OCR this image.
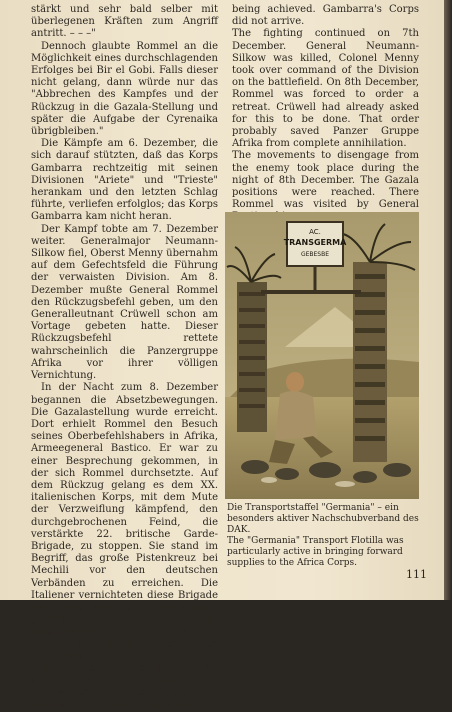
stärkt und sehr bald selber mit überlegenen Kräften zum Angriff antritt. – – –"

Dennoch glaubte Rommel an die Möglichkeit eines durchschlagenden Erfolges bei Bir el Gobi. Falls dieser nicht gelang, dann würde nur das "Abbrechen des Kampfes und der Rückzug in die Gazala-Stellung und später die Aufgabe der Cyrenaika übrigbleiben."

Die Kämpfe am 6. Dezember, die sich darauf stützten, daß das Korps Gambarra rechtzeitig mit seinen Divisionen "Ariete" und "Trieste" herankam und den letzten Schlag führte, verliefen erfolglos; das Korps Gambarra kam nicht heran.

Der Kampf tobte am 7. Dezember weiter. Generalmajor Neumann-Silkow fiel, Oberst Menny übernahm auf dem Gefechtsfeld die Führung der verwaisten Division. Am 8. Dezember mußte General Rommel den Rückzugsbefehl geben, um den Generalleutnant Crüwell schon am Vortage gebeten hatte. Dieser Rückzugsbefehl rettete wahrscheinlich die Panzergruppe Afrika vor ihrer völligen Vernichtung.

In der Nacht zum 8. Dezember begannen die Absetzbewegungen. Die Gazalastellung wurde erreicht. Dort erhielt Rommel den Besuch seines Oberbefehlshabers in Afrika, Armeegeneral Bastico. Er war zu einer Besprechung gekommen, in der sich Rommel durchsetzte. Auf dem Rückzug gelang es dem XX. italienischen Korps, mit dem Mute der Verzweiflung kämpfend, den durchgebrochenen Feind, die verstärkte 22. britische Garde-Brigade, zu stoppen. Sie stand im Begriff, das große Pistenkreuz bei Mechili vor den deutschen Verbänden zu erreichen. Die Italiener vernichteten diese Brigade fast völlig. 800 Gefangene wurden gemacht, unter ihnen auch der Brigadekommandeur. Zahlreiche Geschütze und 20 Panzer waren vernichtet.

Ein weiterer Vorstoß mit 150 teilweise völlig neuen Panzern und Spähwagen gegen den Rücken des DAK wurde ebenfalls abgewehrt.

being achieved. Gambarra's Corps did not arrive.

The fighting continued on 7th December. General Neumann-Silkow was killed, Colonel Menny took over command of the Division on the battlefield. On 8th December, Rommel was forced to order a retreat. Crüwell had already asked for this to be done. That order probably saved Panzer Gruppe Afrika from complete annihilation.

The movements to disengage from the enemy took place during the night of 8th December. The Gazala positions were reached. There Rommel was visited by General

AC.
TRANSGERMA
GEBESBE

Die Transportstaffel "Germania" – ein besonders aktiver Nachschubverband des DAK.

The "Germania" Transport Flotilla was particularly active in bringing forward supplies to the Africa Corps.

111
